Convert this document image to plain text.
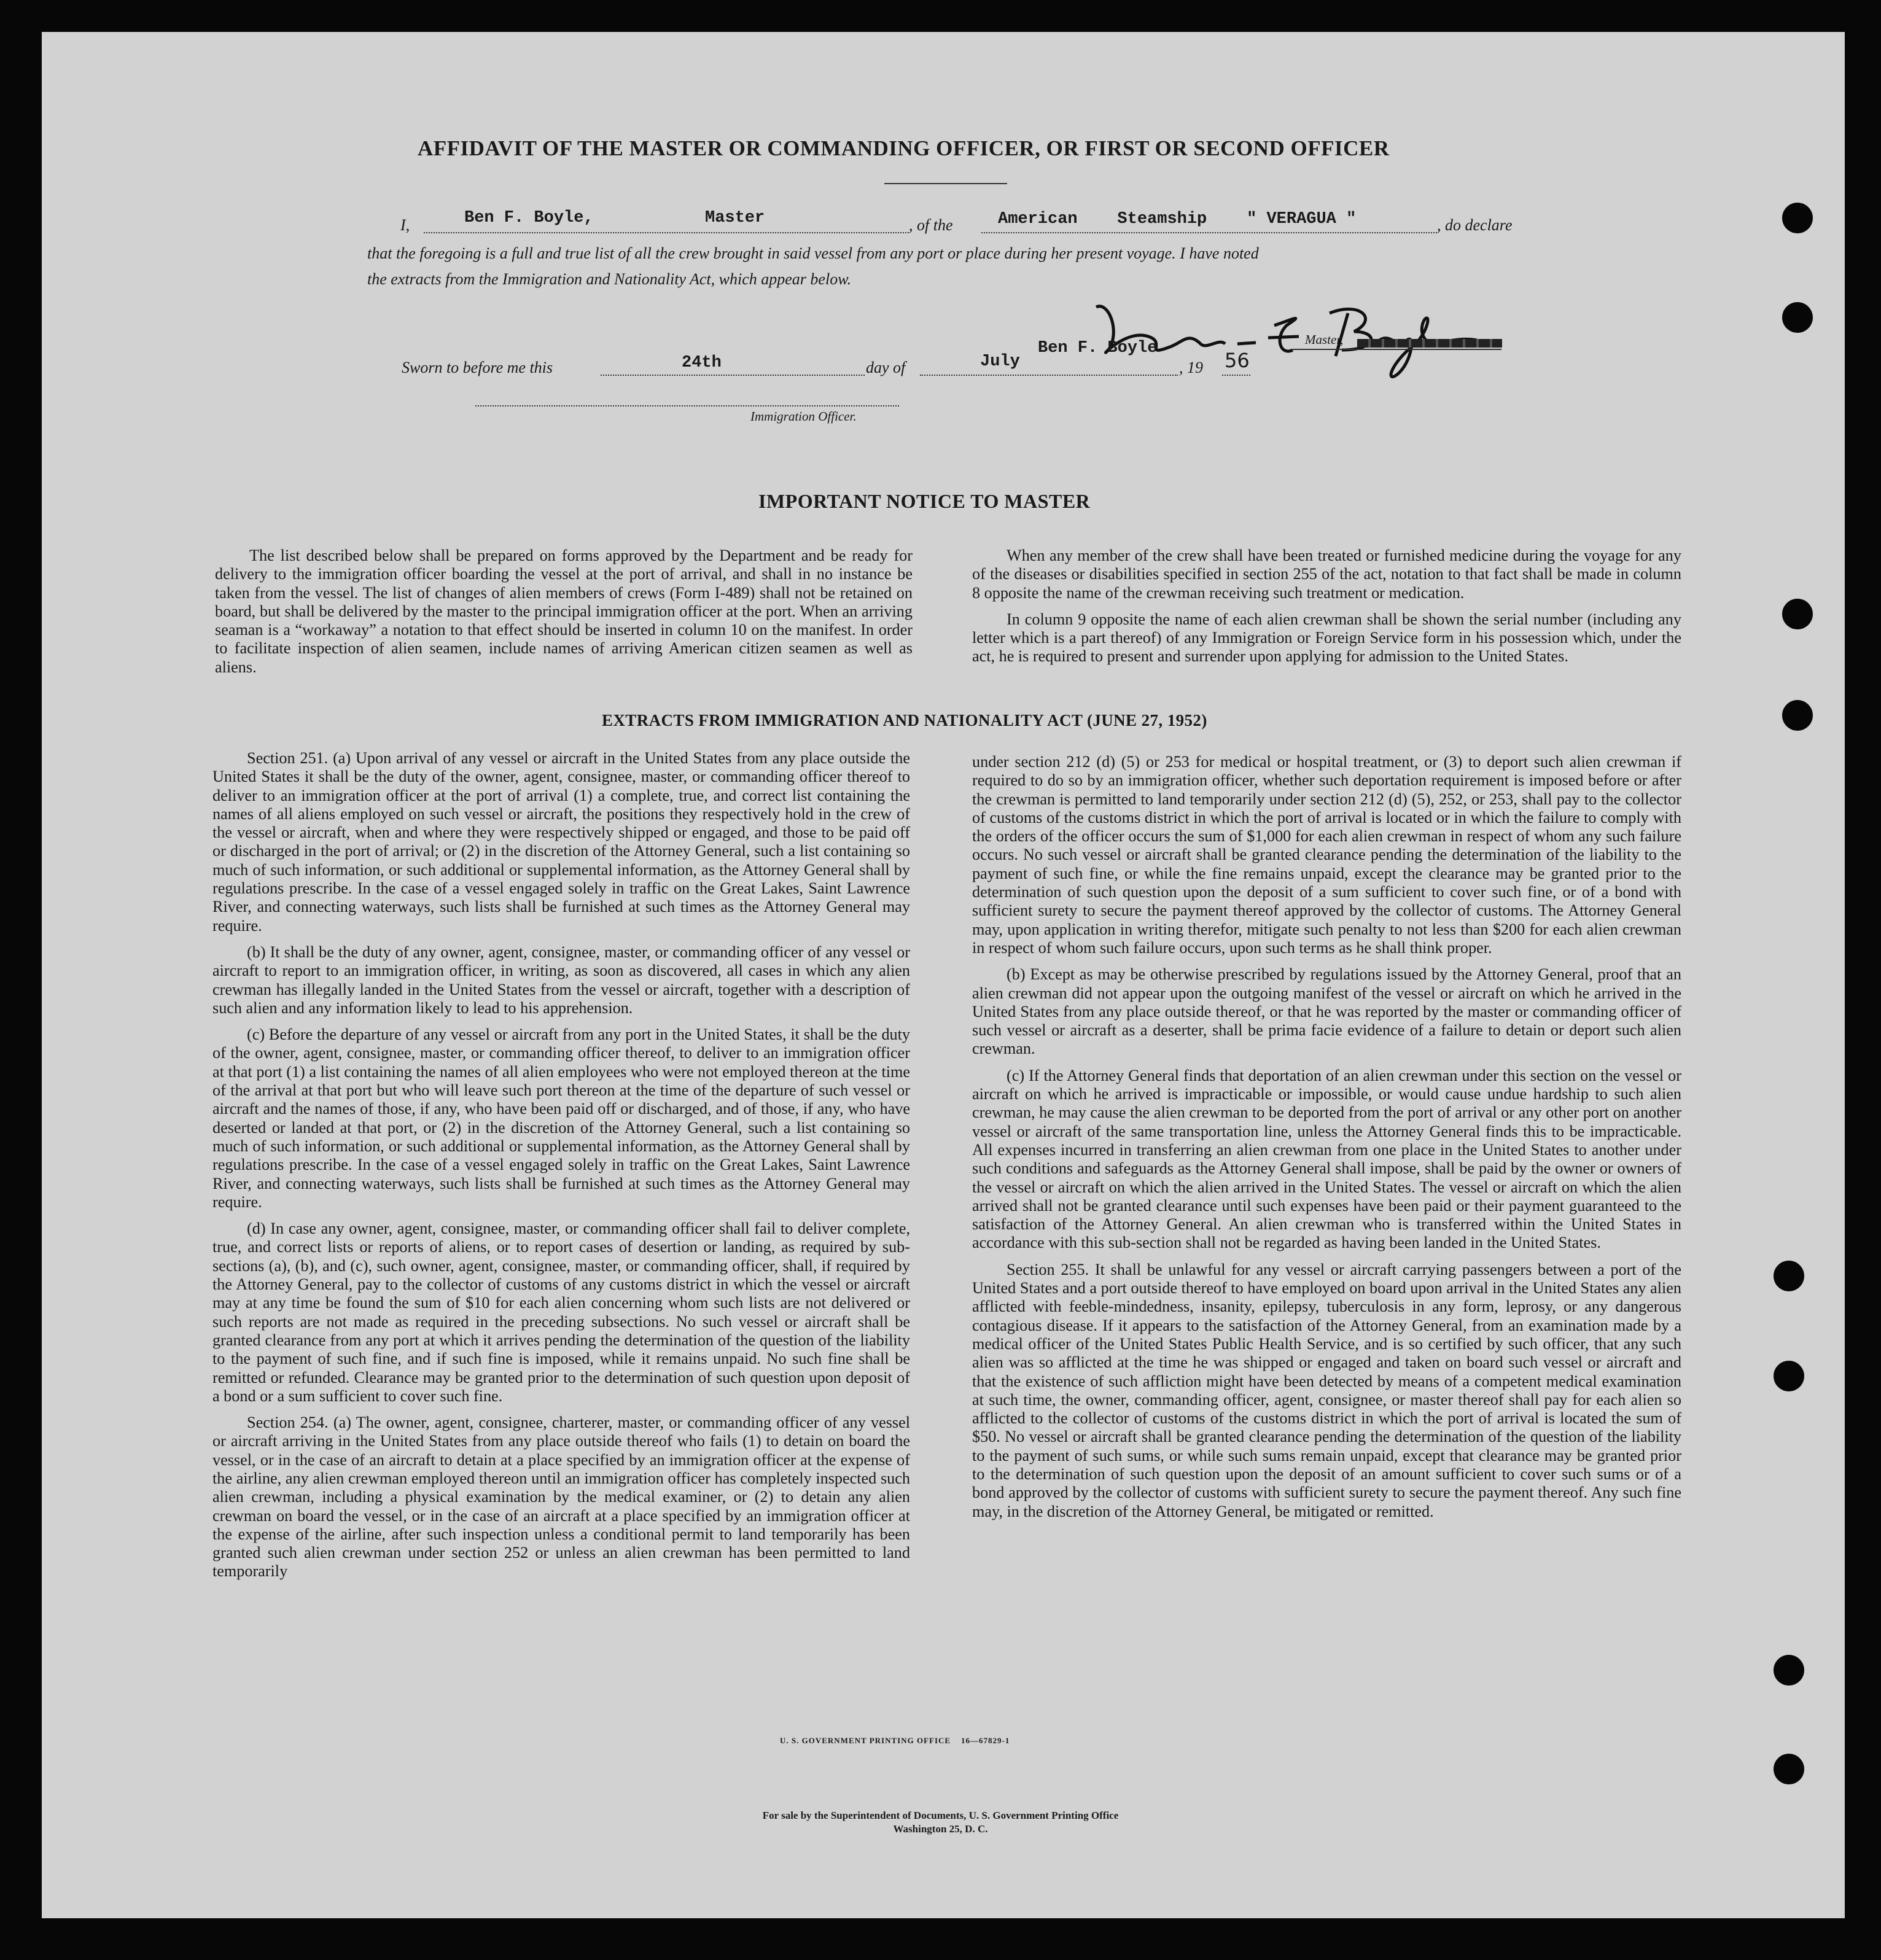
AFFIDAVIT OF THE MASTER OR COMMANDING OFFICER, OR FIRST OR SECOND OFFICER
I,	Ben F. Boyle,	Master	, of the	American    Steamship    " VERAGUA "	, do declare
that the foregoing is a full and true list of all the crew brought in said vessel from any port or place during her present voyage. I have noted
the extracts from the Immigration and Nationality Act, which appear below.
Master,
Sworn to before me this	24th	day of	July
Ben F. Boyle
, 19 56
Immigration Officer.
IMPORTANT NOTICE TO MASTER

The list described below shall be prepared on forms approved by the Department and be ready for delivery to the immigration officer boarding the vessel at the port of arrival, and shall in no instance be taken from the vessel. The list of changes of alien members of crews (Form I-489) shall not be retained on board, but shall be delivered by the master to the principal immigration officer at the port. When an arriving seaman is a “workaway” a notation to that effect should be inserted in column 10 on the manifest. In order to facilitate inspection of alien seamen, include names of arriving American citizen seamen as well as aliens.

When any member of the crew shall have been treated or furnished medicine during the voyage for any of the diseases or disabilities specified in section 255 of the act, notation to that fact shall be made in column 8 opposite the name of the crewman receiving such treatment or medication.

In column 9 opposite the name of each alien crewman shall be shown the serial number (including any letter which is a part thereof) of any Immigration or Foreign Service form in his possession which, under the act, he is required to present and surrender upon applying for admission to the United States.

EXTRACTS FROM IMMIGRATION AND NATIONALITY ACT (JUNE 27, 1952)

Section 251. (a) Upon arrival of any vessel or aircraft in the United States from any place outside the United States it shall be the duty of the owner, agent, consignee, master, or commanding officer thereof to deliver to an immigration officer at the port of arrival (1) a complete, true, and correct list containing the names of all aliens employed on such vessel or aircraft, the positions they respectively hold in the crew of the vessel or aircraft, when and where they were respectively shipped or engaged, and those to be paid off or discharged in the port of arrival; or (2) in the discretion of the Attorney General, such a list containing so much of such information, or such additional or supplemental information, as the Attorney General shall by regulations prescribe. In the case of a vessel engaged solely in traffic on the Great Lakes, Saint Lawrence River, and connecting waterways, such lists shall be furnished at such times as the Attorney General may require.

(b) It shall be the duty of any owner, agent, consignee, master, or commanding officer of any vessel or aircraft to report to an immigration officer, in writing, as soon as discovered, all cases in which any alien crewman has illegally landed in the United States from the vessel or aircraft, together with a description of such alien and any information likely to lead to his apprehension.

(c) Before the departure of any vessel or aircraft from any port in the United States, it shall be the duty of the owner, agent, consignee, master, or commanding officer thereof, to deliver to an immigration officer at that port (1) a list containing the names of all alien employees who were not employed thereon at the time of the arrival at that port but who will leave such port thereon at the time of the departure of such vessel or aircraft and the names of those, if any, who have been paid off or discharged, and of those, if any, who have deserted or landed at that port, or (2) in the discretion of the Attorney General, such a list containing so much of such information, or such additional or supplemental information, as the Attorney General shall by regulations prescribe. In the case of a vessel engaged solely in traffic on the Great Lakes, Saint Lawrence River, and connecting waterways, such lists shall be furnished at such times as the Attorney General may require.

(d) In case any owner, agent, consignee, master, or commanding officer shall fail to deliver complete, true, and correct lists or reports of aliens, or to report cases of desertion or landing, as required by sub-sections (a), (b), and (c), such owner, agent, consignee, master, or commanding officer, shall, if required by the Attorney General, pay to the collector of customs of any customs district in which the vessel or aircraft may at any time be found the sum of $10 for each alien concerning whom such lists are not delivered or such reports are not made as required in the preceding subsections. No such vessel or aircraft shall be granted clearance from any port at which it arrives pending the determination of the question of the liability to the payment of such fine, and if such fine is imposed, while it remains unpaid. No such fine shall be remitted or refunded. Clearance may be granted prior to the determination of such question upon deposit of a bond or a sum sufficient to cover such fine.

Section 254. (a) The owner, agent, consignee, charterer, master, or commanding officer of any vessel or aircraft arriving in the United States from any place outside thereof who fails (1) to detain on board the vessel, or in the case of an aircraft to detain at a place specified by an immigration officer at the expense of the airline, any alien crewman employed thereon until an immigration officer has completely inspected such alien crewman, including a physical examination by the medical examiner, or (2) to detain any alien crewman on board the vessel, or in the case of an aircraft at a place specified by an immigration officer at the expense of the airline, after such inspection unless a conditional permit to land temporarily has been granted such alien crewman under section 252 or unless an alien crewman has been permitted to land temporarily

under section 212 (d) (5) or 253 for medical or hospital treatment, or (3) to deport such alien crewman if required to do so by an immigration officer, whether such deportation requirement is imposed before or after the crewman is permitted to land temporarily under section 212 (d) (5), 252, or 253, shall pay to the collector of customs of the customs district in which the port of arrival is located or in which the failure to comply with the orders of the officer occurs the sum of $1,000 for each alien crewman in respect of whom any such failure occurs. No such vessel or aircraft shall be granted clearance pending the determination of the liability to the payment of such fine, or while the fine remains unpaid, except the clearance may be granted prior to the determination of such question upon the deposit of a sum sufficient to cover such fine, or of a bond with sufficient surety to secure the payment thereof approved by the collector of customs. The Attorney General may, upon application in writing therefor, mitigate such penalty to not less than $200 for each alien crewman in respect of whom such failure occurs, upon such terms as he shall think proper.

(b) Except as may be otherwise prescribed by regulations issued by the Attorney General, proof that an alien crewman did not appear upon the outgoing manifest of the vessel or aircraft on which he arrived in the United States from any place outside thereof, or that he was reported by the master or commanding officer of such vessel or aircraft as a deserter, shall be prima facie evidence of a failure to detain or deport such alien crewman.

(c) If the Attorney General finds that deportation of an alien crewman under this section on the vessel or aircraft on which he arrived is impracticable or impossible, or would cause undue hardship to such alien crewman, he may cause the alien crewman to be deported from the port of arrival or any other port on another vessel or aircraft of the same transportation line, unless the Attorney General finds this to be impracticable. All expenses incurred in transferring an alien crewman from one place in the United States to another under such conditions and safeguards as the Attorney General shall impose, shall be paid by the owner or owners of the vessel or aircraft on which the alien arrived in the United States. The vessel or aircraft on which the alien arrived shall not be granted clearance until such expenses have been paid or their payment guaranteed to the satisfaction of the Attorney General. An alien crewman who is transferred within the United States in accordance with this sub-section shall not be regarded as having been landed in the United States.

Section 255. It shall be unlawful for any vessel or aircraft carrying passengers between a port of the United States and a port outside thereof to have employed on board upon arrival in the United States any alien afflicted with feeble-mindedness, insanity, epilepsy, tuberculosis in any form, leprosy, or any dangerous contagious disease. If it appears to the satisfaction of the Attorney General, from an examination made by a medical officer of the United States Public Health Service, and is so certified by such officer, that any such alien was so afflicted at the time he was shipped or engaged and taken on board such vessel or aircraft and that the existence of such affliction might have been detected by means of a competent medical examination at such time, the owner, commanding officer, agent, consignee, or master thereof shall pay for each alien so afflicted to the collector of customs of the customs district in which the port of arrival is located the sum of $50. No vessel or aircraft shall be granted clearance pending the determination of the question of the liability to the payment of such sums, or while such sums remain unpaid, except that clearance may be granted prior to the determination of such question upon the deposit of an amount sufficient to cover such sums or of a bond approved by the collector of customs with sufficient surety to secure the payment thereof. Any such fine may, in the discretion of the Attorney General, be mitigated or remitted.

U. S. GOVERNMENT PRINTING OFFICE    16—67829-1
For sale by the Superintendent of Documents, U. S. Government Printing Office
Washington 25, D. C.
